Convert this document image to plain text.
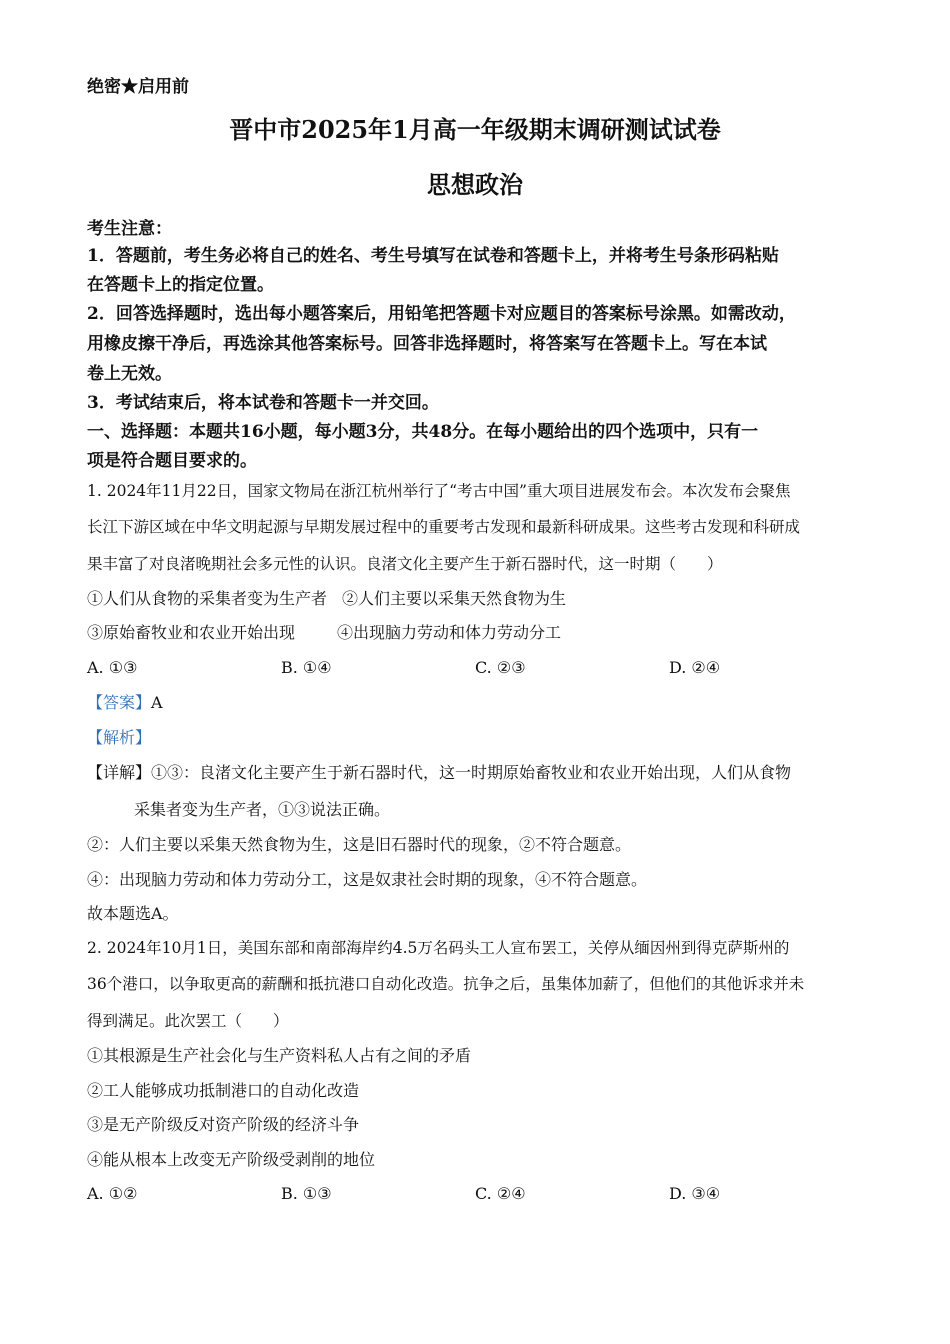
绝密★启用前
晋中市2025年1月高一年级期末调研测试试卷
思想政治
考生注意：
1．答题前，考生务必将自己的姓名、考生号填写在试卷和答题卡上，并将考生号条形码粘贴
在答题卡上的指定位置。
2．回答选择题时，选出每小题答案后，用铅笔把答题卡对应题目的答案标号涂黑。如需改动，
用橡皮擦干净后，再选涂其他答案标号。回答非选择题时，将答案写在答题卡上。写在本试
卷上无效。
3．考试结束后，将本试卷和答题卡一并交回。
一、选择题：本题共16小题，每小题3分，共48分。在每小题给出的四个选项中，只有一
项是符合题目要求的。
1. 2024年11月22日，国家文物局在浙江杭州举行了“考古中国”重大项目进展发布会。本次发布会聚焦
长江下游区域在中华文明起源与早期发展过程中的重要考古发现和最新科研成果。这些考古发现和科研成
果丰富了对良渚晚期社会多元性的认识。良渚文化主要产生于新石器时代，这一时期（　　）
①人们从食物的采集者变为生产者 ②人们主要以采集天然食物为生
③原始畜牧业和农业开始出现	④出现脑力劳动和体力劳动分工
A. ①③	B. ①④	C. ②③	D. ②④
【答案】A
【解析】
【详解】①③：良渚文化主要产生于新石器时代，这一时期原始畜牧业和农业开始出现，人们从食物
采集者变为生产者，①③说法正确。
②：人们主要以采集天然食物为生，这是旧石器时代的现象，②不符合题意。
④：出现脑力劳动和体力劳动分工，这是奴隶社会时期的现象，④不符合题意。
故本题选A。
2. 2024年10月1日，美国东部和南部海岸约4.5万名码头工人宣布罢工，关停从缅因州到得克萨斯州的
36个港口，以争取更高的薪酬和抵抗港口自动化改造。抗争之后，虽集体加薪了，但他们的其他诉求并未
得到满足。此次罢工（　　）
①其根源是生产社会化与生产资料私人占有之间的矛盾
②工人能够成功抵制港口的自动化改造
③是无产阶级反对资产阶级的经济斗争
④能从根本上改变无产阶级受剥削的地位
A. ①②	B. ①③	C. ②④	D. ③④
